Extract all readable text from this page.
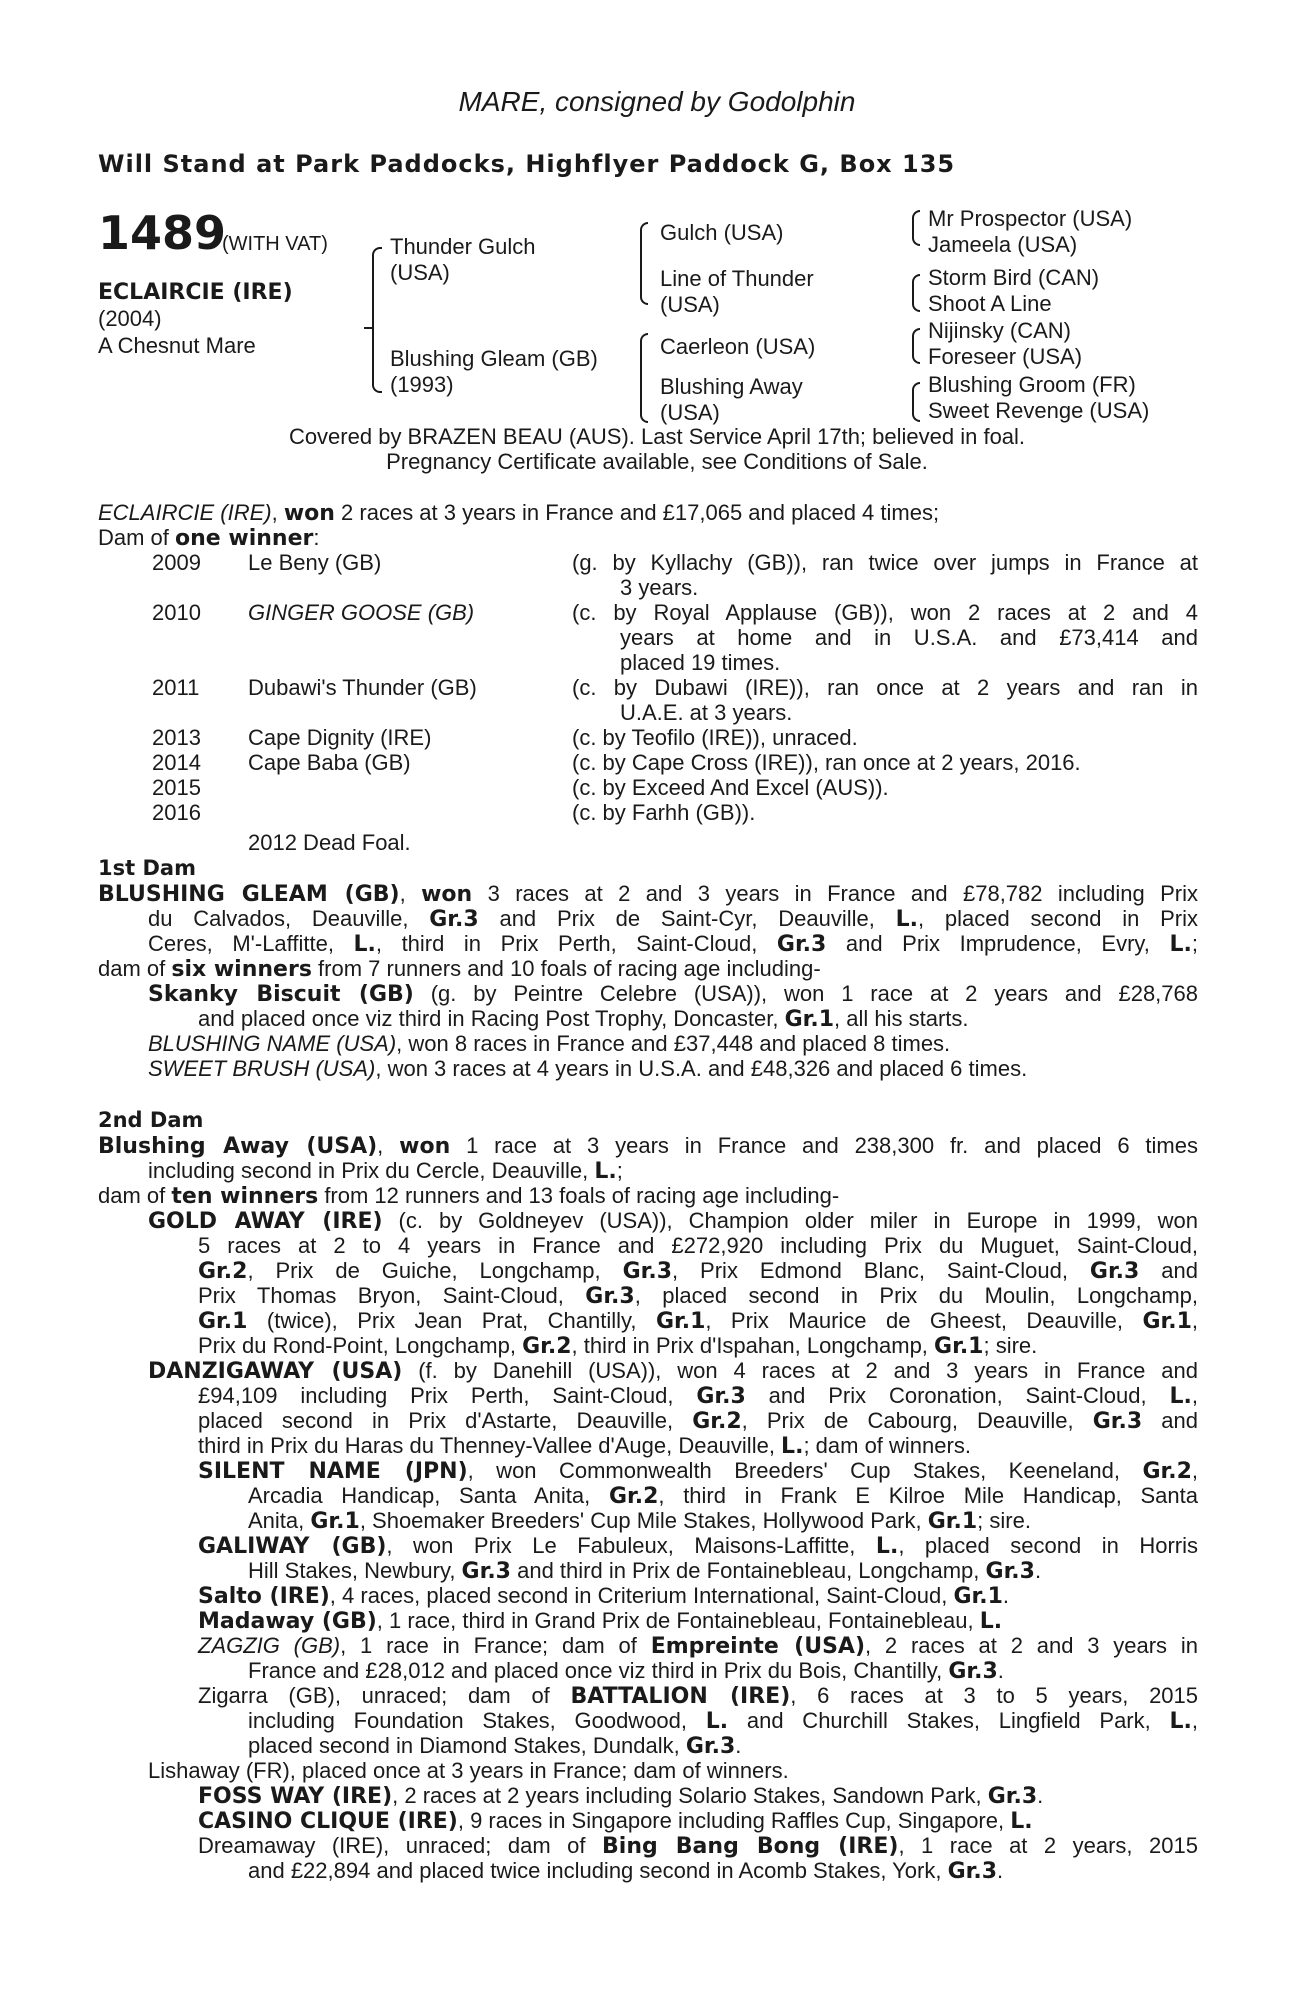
MARE, consigned by Godolphin
Will Stand at Park Paddocks, Highflyer Paddock G, Box 135
1489
(WITH VAT)
ECLAIRCIE (IRE)
(2004)
A Chesnut Mare
Thunder Gulch
(USA)
Blushing Gleam (GB)
(1993)
Gulch (USA)
Line of Thunder
(USA)
Caerleon (USA)
Blushing Away
(USA)
Mr Prospector (USA)
Jameela (USA)
Storm Bird (CAN)
Shoot A Line
Nijinsky (CAN)
Foreseer (USA)
Blushing Groom (FR)
Sweet Revenge (USA)
Covered by BRAZEN BEAU (AUS). Last Service April 17th; believed in foal.
Pregnancy Certificate available, see Conditions of Sale.
ECLAIRCIE (IRE), won 2 races at 3 years in France and £17,065 and placed 4 times;
Dam of one winner:
2009 Le Beny (GB)	(g. by Kyllachy (GB)), ran twice over jumps in France at
3 years.
2010 GINGER GOOSE (GB)	(c. by Royal Applause (GB)), won 2 races at 2 and 4
years at home and in U.S.A. and £73,414 and
placed 19 times.
2011 Dubawi's Thunder (GB)	(c. by Dubawi (IRE)), ran once at 2 years and ran in
U.A.E. at 3 years.
2013 Cape Dignity (IRE)	(c. by Teofilo (IRE)), unraced.
2014 Cape Baba (GB)	(c. by Cape Cross (IRE)), ran once at 2 years, 2016.
2015	(c. by Exceed And Excel (AUS)).
2016	(c. by Farhh (GB)).
2012 Dead Foal.
1st Dam
BLUSHING GLEAM (GB), won 3 races at 2 and 3 years in France and £78,782 including Prix
du Calvados, Deauville, Gr.3 and Prix de Saint-Cyr, Deauville, L., placed second in Prix
Ceres, M'-Laffitte, L., third in Prix Perth, Saint-Cloud, Gr.3 and Prix Imprudence, Evry, L.;
dam of six winners from 7 runners and 10 foals of racing age including-
Skanky Biscuit (GB) (g. by Peintre Celebre (USA)), won 1 race at 2 years and £28,768
and placed once viz third in Racing Post Trophy, Doncaster, Gr.1, all his starts.
BLUSHING NAME (USA), won 8 races in France and £37,448 and placed 8 times.
SWEET BRUSH (USA), won 3 races at 4 years in U.S.A. and £48,326 and placed 6 times.
2nd Dam
Blushing Away (USA), won 1 race at 3 years in France and 238,300 fr. and placed 6 times
including second in Prix du Cercle, Deauville, L.;
dam of ten winners from 12 runners and 13 foals of racing age including-
GOLD AWAY (IRE) (c. by Goldneyev (USA)), Champion older miler in Europe in 1999, won
5 races at 2 to 4 years in France and £272,920 including Prix du Muguet, Saint-Cloud,
Gr.2, Prix de Guiche, Longchamp, Gr.3, Prix Edmond Blanc, Saint-Cloud, Gr.3 and
Prix Thomas Bryon, Saint-Cloud, Gr.3, placed second in Prix du Moulin, Longchamp,
Gr.1 (twice), Prix Jean Prat, Chantilly, Gr.1, Prix Maurice de Gheest, Deauville, Gr.1,
Prix du Rond-Point, Longchamp, Gr.2, third in Prix d'Ispahan, Longchamp, Gr.1; sire.
DANZIGAWAY (USA) (f. by Danehill (USA)), won 4 races at 2 and 3 years in France and
£94,109 including Prix Perth, Saint-Cloud, Gr.3 and Prix Coronation, Saint-Cloud, L.,
placed second in Prix d'Astarte, Deauville, Gr.2, Prix de Cabourg, Deauville, Gr.3 and
third in Prix du Haras du Thenney-Vallee d'Auge, Deauville, L.; dam of winners.
SILENT NAME (JPN), won Commonwealth Breeders' Cup Stakes, Keeneland, Gr.2,
Arcadia Handicap, Santa Anita, Gr.2, third in Frank E Kilroe Mile Handicap, Santa
Anita, Gr.1, Shoemaker Breeders' Cup Mile Stakes, Hollywood Park, Gr.1; sire.
GALIWAY (GB), won Prix Le Fabuleux, Maisons-Laffitte, L., placed second in Horris
Hill Stakes, Newbury, Gr.3 and third in Prix de Fontainebleau, Longchamp, Gr.3.
Salto (IRE), 4 races, placed second in Criterium International, Saint-Cloud, Gr.1.
Madaway (GB), 1 race, third in Grand Prix de Fontainebleau, Fontainebleau, L.
ZAGZIG (GB), 1 race in France; dam of Empreinte (USA), 2 races at 2 and 3 years in
France and £28,012 and placed once viz third in Prix du Bois, Chantilly, Gr.3.
Zigarra (GB), unraced; dam of BATTALION (IRE), 6 races at 3 to 5 years, 2015
including Foundation Stakes, Goodwood, L. and Churchill Stakes, Lingfield Park, L.,
placed second in Diamond Stakes, Dundalk, Gr.3.
Lishaway (FR), placed once at 3 years in France; dam of winners.
FOSS WAY (IRE), 2 races at 2 years including Solario Stakes, Sandown Park, Gr.3.
CASINO CLIQUE (IRE), 9 races in Singapore including Raffles Cup, Singapore, L.
Dreamaway (IRE), unraced; dam of Bing Bang Bong (IRE), 1 race at 2 years, 2015
and £22,894 and placed twice including second in Acomb Stakes, York, Gr.3.
